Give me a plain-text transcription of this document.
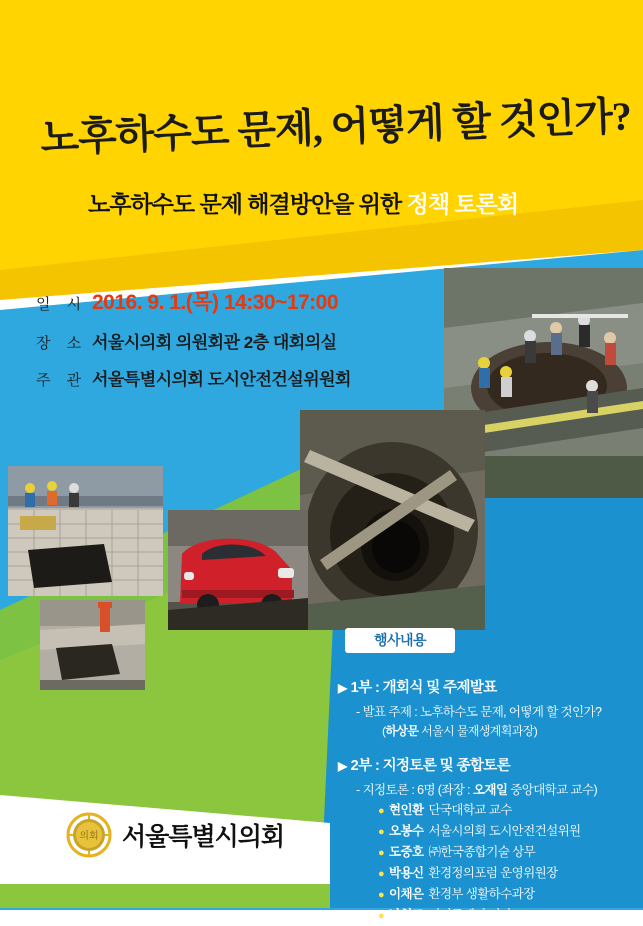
노후하수도 문제, 어떻게 할 것인가?
노후하수도 문제 해결방안을 위한 정책 토론회
일 시 2016. 9. 1.(목) 14:30~17:00
장 소 서울시의회 의원회관 2층 대회의실
주 관 서울특별시의회 도시안전건설위원회
행사내용
▶ 1부 : 개회식 및 주제발표
- 발표 주제 : 노후하수도 문제, 어떻게 할 것인가?
(하상문 서울시 물재생계획과장)
▶ 2부 : 지정토론 및 종합토론
- 지정토론 : 6명 (좌장 : 오재일 중앙대학교 교수)
● 현인환 단국대학교 교수
● 오봉수 서울시의회 도시안전건설위원
● 도중호 ㈜한국종합기술 상무
● 박용신 환경정의포럼 운영위원장
● 이채은 환경부 생활하수과장
● 남형도 머니투데이 기자
의회 서울특별시의회
